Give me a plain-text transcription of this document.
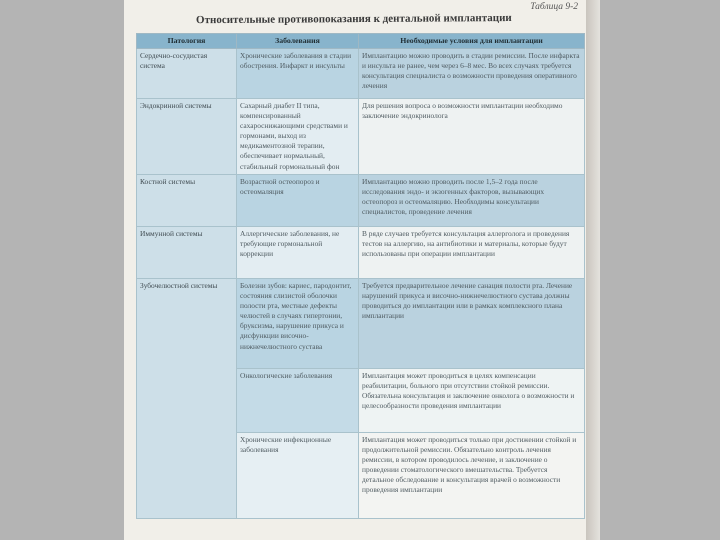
Таблица 9-2
Относительные противопоказания к дентальной имплантации
Патология	Заболевания	Необходимые условия для имплантации
Сердечно-сосудистая система	Хронические заболевания в стадии обострения. Инфаркт и инсульты	Имплантацию можно проводить в стадии ремиссии. После инфаркта и инсульта не ранее, чем через 6–8 мес. Во всех случаях требуется консультация специалиста о возможности проведения оперативного лечения
Эндокринной системы	Сахарный диабет II типа, компенсированный сахароснижающими средствами и гормонами, выход из медикаментозной терапии, обеспечивает нормальный, стабильный гормональный фон	Для решения вопроса о возможности имплантации необходимо заключение эндокринолога
Костной системы	Возрастной остеопороз и остеомаляция	Имплантацию можно проводить после 1,5–2 года после исследования эндо- и экзогенных факторов, вызывающих остеопороз и остеомаляцию. Необходимы консультации специалистов, проведение лечения
Иммунной системы	Аллергические заболевания, не требующие гормональной коррекции	В ряде случаев требуется консультация аллерголога и проведения тестов на аллергию, на антибиотики и материалы, которые будут использованы при операции имплантации
Зубочелюстной системы	Болезни зубов: кариес, пародонтит, состояния слизистой оболочки полости рта, местные дефекты челюстей в случаях гипертонии, бруксизма, нарушение прикуса и дисфункции височно-нижнечелюстного сустава	Требуется предварительное лечение санация полости рта. Лечение нарушений прикуса и височно-нижнечелюстного сустава должны проводиться до имплантации или в рамках комплексного плана имплантации
	Онкологические заболевания	Имплантация может проводиться в целях компенсации реабилитации, больного при отсутствии стойкой ремиссии. Обязательна консультация и заключение онколога о возможности и целесообразности проведения имплантации
	Хронические инфекционные заболевания	Имплантация может проводиться только при достижении стойкой и продолжительной ремиссии. Обязательно контроль лечения ремиссии, в котором проводилось лечение, и заключение о проведении стоматологического вмешательства. Требуется детальное обследование и консультация врачей о возможности проведения имплантации
